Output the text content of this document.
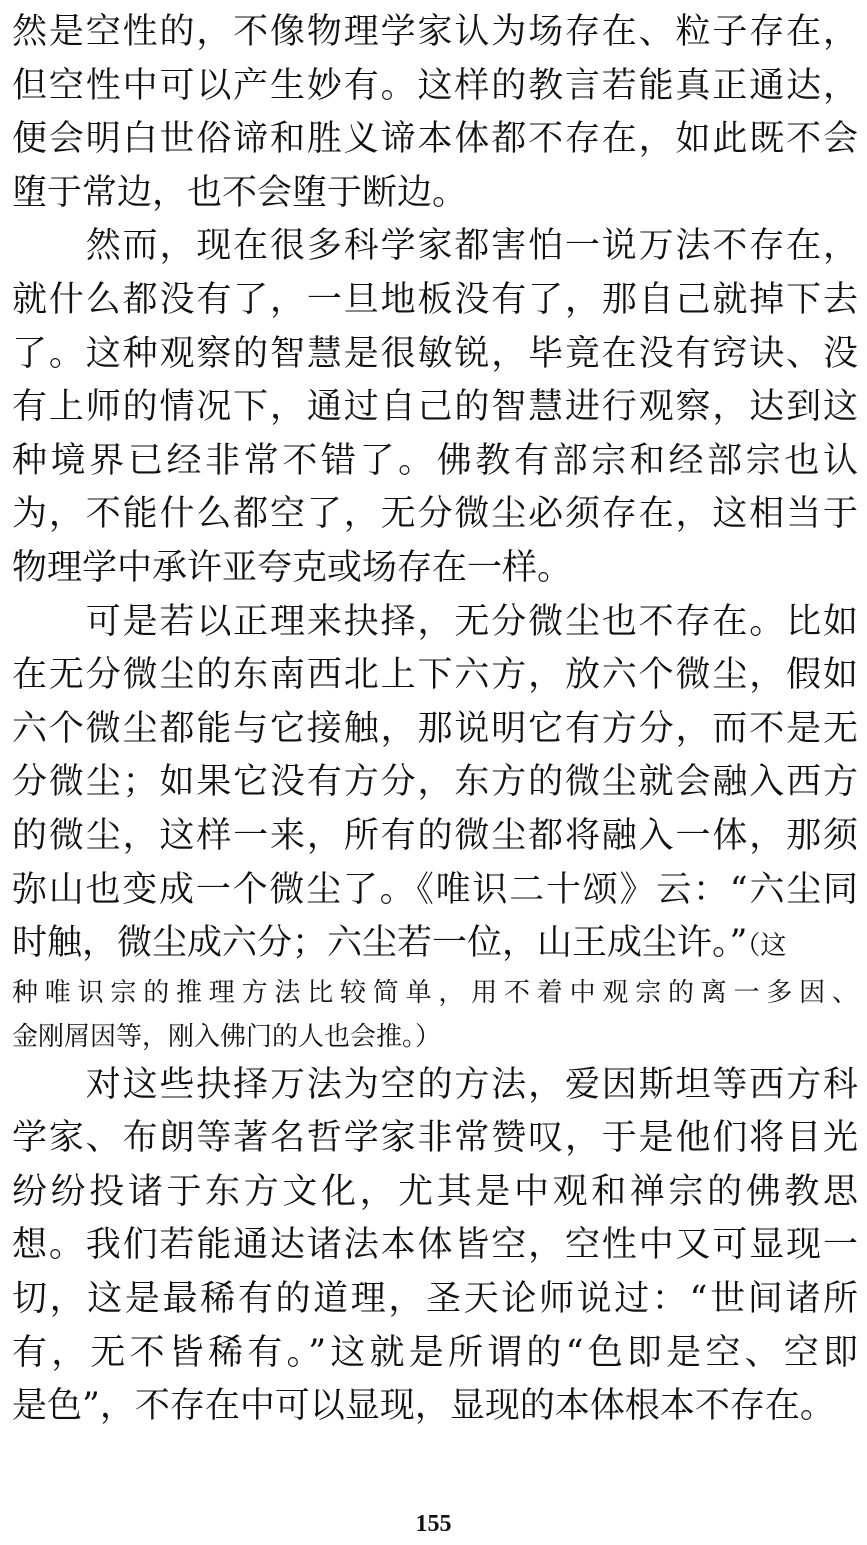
然是空性的，不像物理学家认为场存在、粒子存在，
但空性中可以产生妙有。这样的教言若能真正通达，
便会明白世俗谛和胜义谛本体都不存在，如此既不会
堕于常边，也不会堕于断边。
　　然而，现在很多科学家都害怕一说万法不存在，
就什么都没有了，一旦地板没有了，那自己就掉下去
了。这种观察的智慧是很敏锐，毕竟在没有窍诀、没
有上师的情况下，通过自己的智慧进行观察，达到这
种境界已经非常不错了。佛教有部宗和经部宗也认
为，不能什么都空了，无分微尘必须存在，这相当于
物理学中承许亚夸克或场存在一样。
　　可是若以正理来抉择，无分微尘也不存在。比如
在无分微尘的东南西北上下六方，放六个微尘，假如
六个微尘都能与它接触，那说明它有方分，而不是无
分微尘；如果它没有方分，东方的微尘就会融入西方
的微尘，这样一来，所有的微尘都将融入一体，那须
弥山也变成一个微尘了。《唯识二十颂》云：“六尘同
时触，微尘成六分；六尘若一位，山王成尘许。”（这
种唯识宗的推理方法比较简单，用不着中观宗的离一多因、
金刚屑因等，刚入佛门的人也会推。）
　　对这些抉择万法为空的方法，爱因斯坦等西方科
学家、布朗等著名哲学家非常赞叹，于是他们将目光
纷纷投诸于东方文化，尤其是中观和禅宗的佛教思
想。我们若能通达诸法本体皆空，空性中又可显现一
切，这是最稀有的道理，圣天论师说过：“世间诸所
有，无不皆稀有。”这就是所谓的“色即是空、空即
是色”，不存在中可以显现，显现的本体根本不存在。
155
